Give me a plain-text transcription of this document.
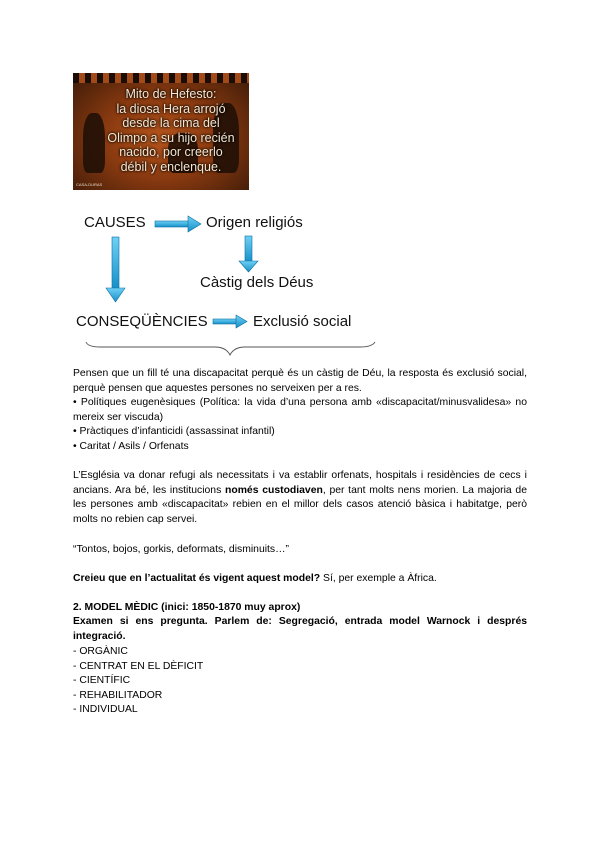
Mito de Hefesto:
la diosa Hera arrojó
desde la cima del
Olimpo a su hijo recién
nacido, por creerlo
débil y enclenque.
CASA-DURAS
CAUSES	Origen religiós
Càstig dels Déus
CONSEQÜÈNCIES	Exclusió social

Pensen que un fill té una discapacitat perquè és un càstig de Déu, la resposta és exclusió social, perquè pensen que aquestes persones no serveixen per a res.

• Polítiques eugenèsiques (Política: la vida d’una persona amb «discapacitat/minusvalidesa» no mereix ser viscuda)

• Pràctiques d’infanticidi (assassinat infantil)

• Caritat / Asils / Orfenats

L’Església va donar refugi als necessitats i va establir orfenats, hospitals i residències de cecs i ancians. Ara bé, les institucions només custodiaven, per tant molts nens morien. La majoria de les persones amb «discapacitat» rebien en el millor dels casos atenció bàsica i habitatge, però molts no rebien cap servei.

“Tontos, bojos, gorkis, deformats, disminuits…”
Creieu que en l’actualitat és vigent aquest model? Sí, per exemple a Àfrica.
2. MODEL MÈDIC (inici: 1850-1870 muy aprox)
Examen si ens pregunta. Parlem de: Segregació, entrada model Warnock i després integració.

- ORGÀNIC

- CENTRAT EN EL DÈFICIT

- CIENTÍFIC

- REHABILITADOR

- INDIVIDUAL
